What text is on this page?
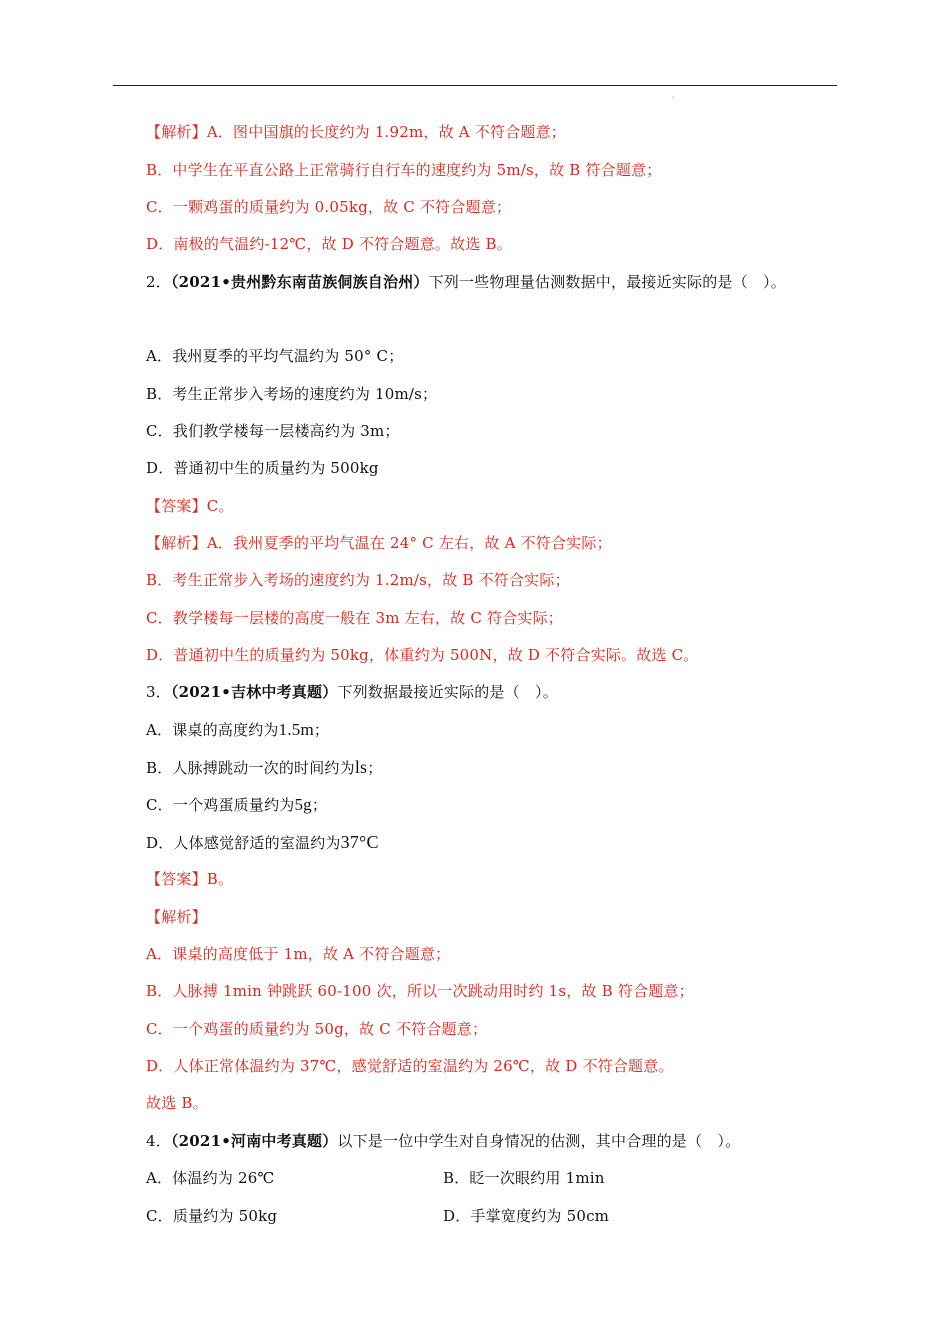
'
【解析】A．图中国旗的长度约为 1.92m，故 A 不符合题意；
B．中学生在平直公路上正常骑行自行车的速度约为 5m/s，故 B 符合题意；
C．一颗鸡蛋的质量约为 0.05kg，故 C 不符合题意；
D．南极的气温约-12℃，故 D 不符合题意。故选 B。
2．（2021•贵州黔东南苗族侗族自治州）下列一些物理量估测数据中，最接近实际的是（　）。
A．我州夏季的平均气温约为 50° C；
B．考生正常步入考场的速度约为 10m/s；
C．我们教学楼每一层楼高约为 3m；
D．普通初中生的质量约为 500kg
【答案】C。
【解析】A．我州夏季的平均气温在 24° C 左右，故 A 不符合实际；
B．考生正常步入考场的速度约为 1.2m/s，故 B 不符合实际；
C．教学楼每一层楼的高度一般在 3m 左右，故 C 符合实际；
D．普通初中生的质量约为 50kg，体重约为 500N，故 D 不符合实际。故选 C。
3．（2021•吉林中考真题）下列数据最接近实际的是（　）。
A．课桌的高度约为1.5m；
B．人脉搏跳动一次的时间约为ls；
C．一个鸡蛋质量约为5g；
D．人体感觉舒适的室温约为37°C
【答案】B。
【解析】
A．课桌的高度低于 1m，故 A 不符合题意；
B．人脉搏 1min 钟跳跃 60-100 次，所以一次跳动用时约 1s，故 B 符合题意；
C．一个鸡蛋的质量约为 50g，故 C 不符合题意；
D．人体正常体温约为 37℃，感觉舒适的室温约为 26℃，故 D 不符合题意。
故选 B。
4．（2021•河南中考真题）以下是一位中学生对自身情况的估测，其中合理的是（　）。
A．体温约为 26℃	B．眨一次眼约用 1min
C．质量约为 50kg	D．手掌宽度约为 50cm
